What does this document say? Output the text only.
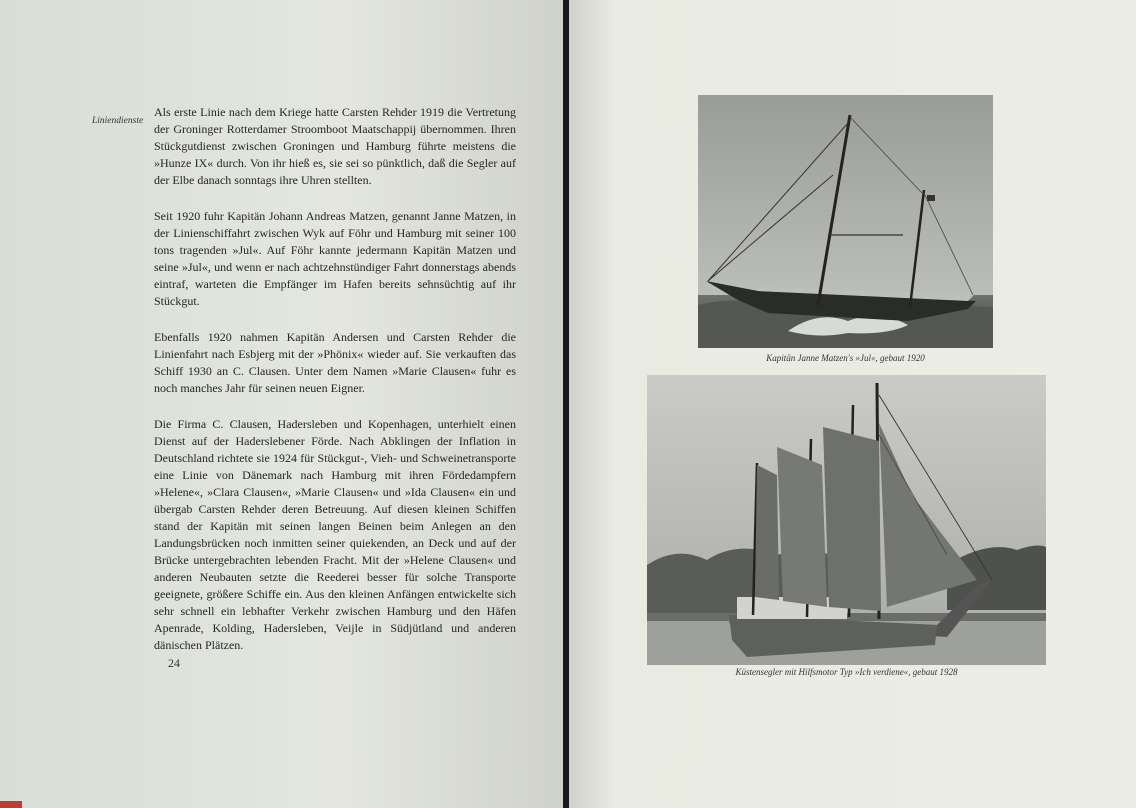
Liniendienste

Als erste Linie nach dem Kriege hatte Carsten Rehder 1919 die Vertretung der Groninger Rotterdamer Stroomboot Maatschappij übernommen. Ihren Stückgutdienst zwischen Groningen und Hamburg führte meistens die »Hunze IX« durch. Von ihr hieß es, sie sei so pünktlich, daß die Segler auf der Elbe danach sonntags ihre Uhren stellten.

Seit 1920 fuhr Kapitän Johann Andreas Matzen, genannt Janne Matzen, in der Linienschiffahrt zwischen Wyk auf Föhr und Hamburg mit seiner 100 tons tragenden »Jul«. Auf Föhr kannte jedermann Kapitän Matzen und seine »Jul«, und wenn er nach achtzehnstündiger Fahrt donnerstags abends eintraf, warteten die Empfänger im Hafen bereits sehnsüchtig auf ihr Stückgut.

Ebenfalls 1920 nahmen Kapitän Andersen und Carsten Rehder die Linienfahrt nach Esbjerg mit der »Phönix« wieder auf. Sie verkauften das Schiff 1930 an C. Clausen. Unter dem Namen »Marie Clausen« fuhr es noch manches Jahr für seinen neuen Eigner.

Die Firma C. Clausen, Hadersleben und Kopenhagen, unterhielt einen Dienst auf der Haderslebener Förde. Nach Abklingen der Inflation in Deutschland richtete sie 1924 für Stückgut-, Vieh- und Schweinetransporte eine Linie von Dänemark nach Hamburg mit ihren Fördedampfern »Helene«, »Clara Clausen«, »Marie Clausen« und »Ida Clausen« ein und übergab Carsten Rehder deren Betreuung. Auf diesen kleinen Schiffen stand der Kapitän mit seinen langen Beinen beim Anlegen an den Landungsbrücken noch inmitten seiner quiekenden, an Deck und auf der Brücke untergebrachten lebenden Fracht. Mit der »Helene Clausen« und anderen Neubauten setzte die Reederei besser für solche Transporte geeignete, größere Schiffe ein. Aus den kleinen Anfängen entwickelte sich sehr schnell ein lebhafter Verkehr zwischen Hamburg und den Häfen Apenrade, Kolding, Hadersleben, Veijle in Südjütland und anderen dänischen Plätzen.

24
Kapitän Janne Matzen's »Jul«, gebaut 1920
Küstensegler mit Hilfsmotor Typ »Ich verdiene«, gebaut 1928
